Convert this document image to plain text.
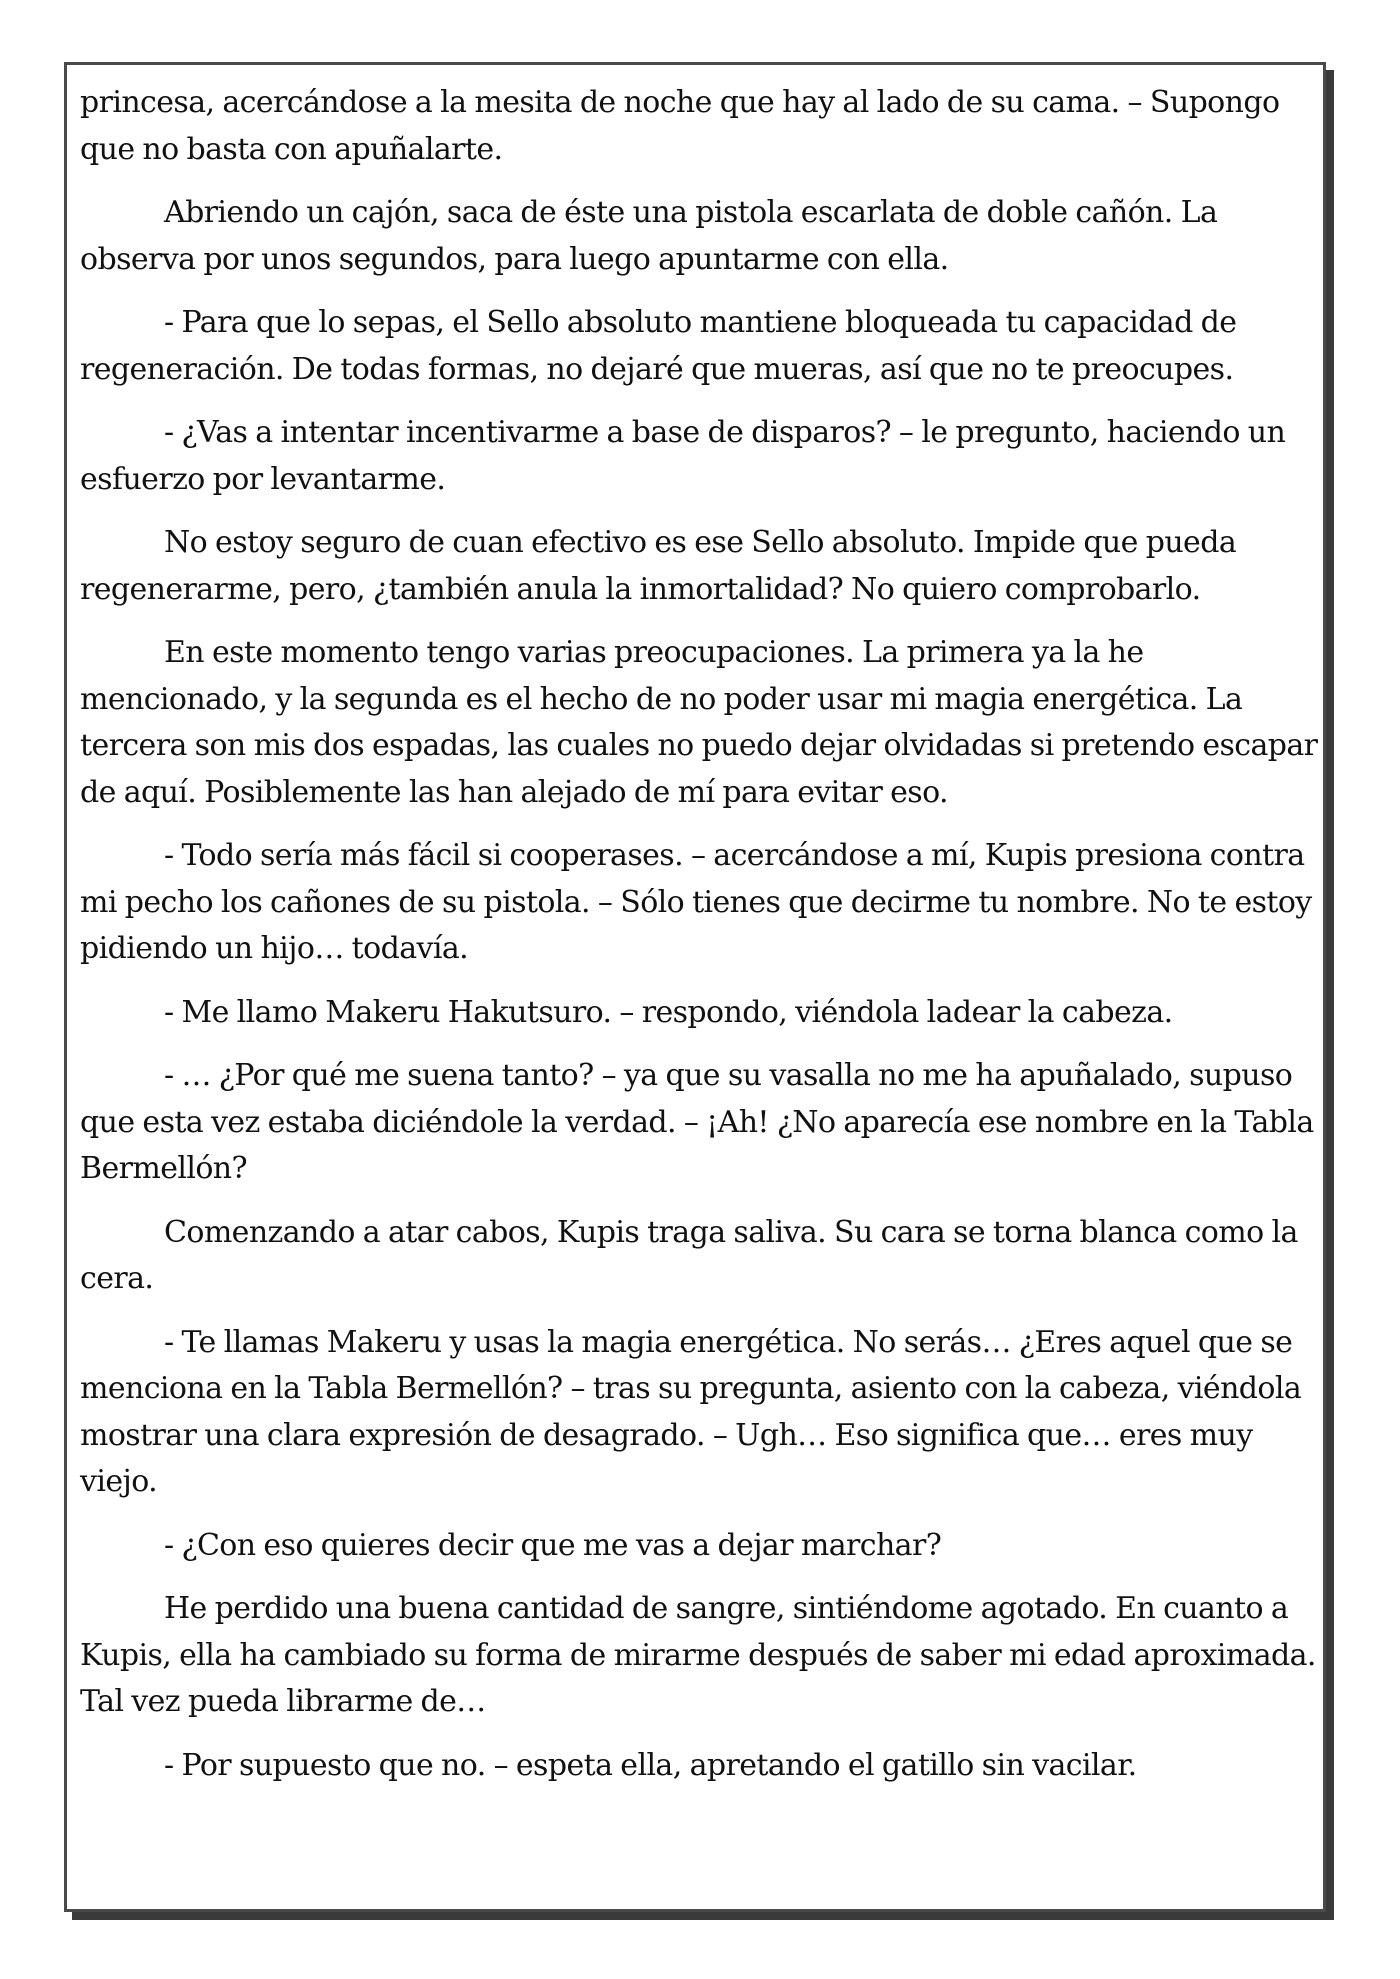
princesa, acercándose a la mesita de noche que hay al lado de su cama. – Supongo que no basta con apuñalarte.

Abriendo un cajón, saca de éste una pistola escarlata de doble cañón. La observa por unos segundos, para luego apuntarme con ella.

- Para que lo sepas, el Sello absoluto mantiene bloqueada tu capacidad de regeneración. De todas formas, no dejaré que mueras, así que no te preocupes.

- ¿Vas a intentar incentivarme a base de disparos? – le pregunto, haciendo un esfuerzo por levantarme.

No estoy seguro de cuan efectivo es ese Sello absoluto. Impide que pueda regenerarme, pero, ¿también anula la inmortalidad? No quiero comprobarlo.

En este momento tengo varias preocupaciones. La primera ya la he mencionado, y la segunda es el hecho de no poder usar mi magia energética. La tercera son mis dos espadas, las cuales no puedo dejar olvidadas si pretendo escapar de aquí. Posiblemente las han alejado de mí para evitar eso.

- Todo sería más fácil si cooperases. – acercándose a mí, Kupis presiona contra mi pecho los cañones de su pistola. – Sólo tienes que decirme tu nombre. No te estoy pidiendo un hijo… todavía.

- Me llamo Makeru Hakutsuro. – respondo, viéndola ladear la cabeza.

- … ¿Por qué me suena tanto? – ya que su vasalla no me ha apuñalado, supuso que esta vez estaba diciéndole la verdad. – ¡Ah! ¿No aparecía ese nombre en la Tabla Bermellón?

Comenzando a atar cabos, Kupis traga saliva. Su cara se torna blanca como la cera.

- Te llamas Makeru y usas la magia energética. No serás… ¿Eres aquel que se menciona en la Tabla Bermellón? – tras su pregunta, asiento con la cabeza, viéndola mostrar una clara expresión de desagrado. – Ugh… Eso significa que… eres muy viejo.

- ¿Con eso quieres decir que me vas a dejar marchar?

He perdido una buena cantidad de sangre, sintiéndome agotado. En cuanto a Kupis, ella ha cambiado su forma de mirarme después de saber mi edad aproximada. Tal vez pueda librarme de…

- Por supuesto que no. – espeta ella, apretando el gatillo sin vacilar.
